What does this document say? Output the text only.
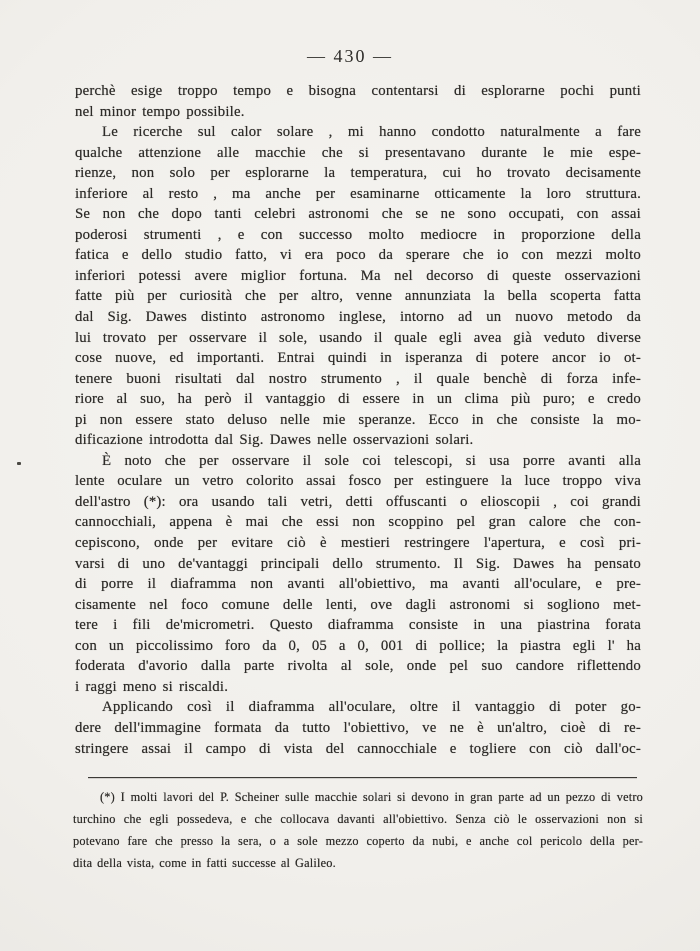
— 430 —
perchè esige troppo tempo e bisogna contentarsi di esplorarne pochi punti
nel minor tempo possibile.
Le ricerche sul calor solare , mi hanno condotto naturalmente a fare
qualche attenzione alle macchie che si presentavano durante le mie espe-
rienze, non solo per esplorarne la temperatura, cui ho trovato decisamente
inferiore al resto , ma anche per esaminarne otticamente la loro struttura.
Se non che dopo tanti celebri astronomi che se ne sono occupati, con assai
poderosi strumenti , e con successo molto mediocre in proporzione della
fatica e dello studio fatto, vi era poco da sperare che io con mezzi molto
inferiori potessi avere miglior fortuna. Ma nel decorso di queste osservazioni
fatte più per curiosità che per altro, venne annunziata la bella scoperta fatta
dal Sig. Dawes distinto astronomo inglese, intorno ad un nuovo metodo da
lui trovato per osservare il sole, usando il quale egli avea già veduto diverse
cose nuove, ed importanti. Entrai quindi in isperanza di potere ancor io ot-
tenere buoni risultati dal nostro strumento , il quale benchè di forza infe-
riore al suo, ha però il vantaggio di essere in un clima più puro; e credo
pi non essere stato deluso nelle mie speranze. Ecco in che consiste la mo-
dificazione introdotta dal Sig. Dawes nelle osservazioni solari.
È noto che per osservare il sole coi telescopi, si usa porre avanti alla
lente oculare un vetro colorito assai fosco per estinguere la luce troppo viva
dell'astro (*): ora usando tali vetri, detti offuscanti o elioscopii , coi grandi
cannocchiali, appena è mai che essi non scoppino pel gran calore che con-
cepiscono, onde per evitare ciò è mestieri restringere l'apertura, e così pri-
varsi di uno de'vantaggi principali dello strumento. Il Sig. Dawes ha pensato
di porre il diaframma non avanti all'obiettivo, ma avanti all'oculare, e pre-
cisamente nel foco comune delle lenti, ove dagli astronomi si sogliono met-
tere i fili de'micrometri. Questo diaframma consiste in una piastrina forata
con un piccolissimo foro da 0, 05 a 0, 001 di pollice; la piastra egli l' ha
foderata d'avorio dalla parte rivolta al sole, onde pel suo candore riflettendo
i raggi meno si riscaldi.
Applicando così il diaframma all'oculare, oltre il vantaggio di poter go-
dere dell'immagine formata da tutto l'obiettivo, ve ne è un'altro, cioè di re-
stringere assai il campo di vista del cannocchiale e togliere con ciò dall'oc-
(*) I molti lavori del P. Scheiner sulle macchie solari si devono in gran parte ad un pezzo di vetro
turchino che egli possedeva, e che collocava davanti all'obiettivo. Senza ciò le osservazioni non si
potevano fare che presso la sera, o a sole mezzo coperto da nubi, e anche col pericolo della per-
dita della vista, come in fatti successe al Galileo.
